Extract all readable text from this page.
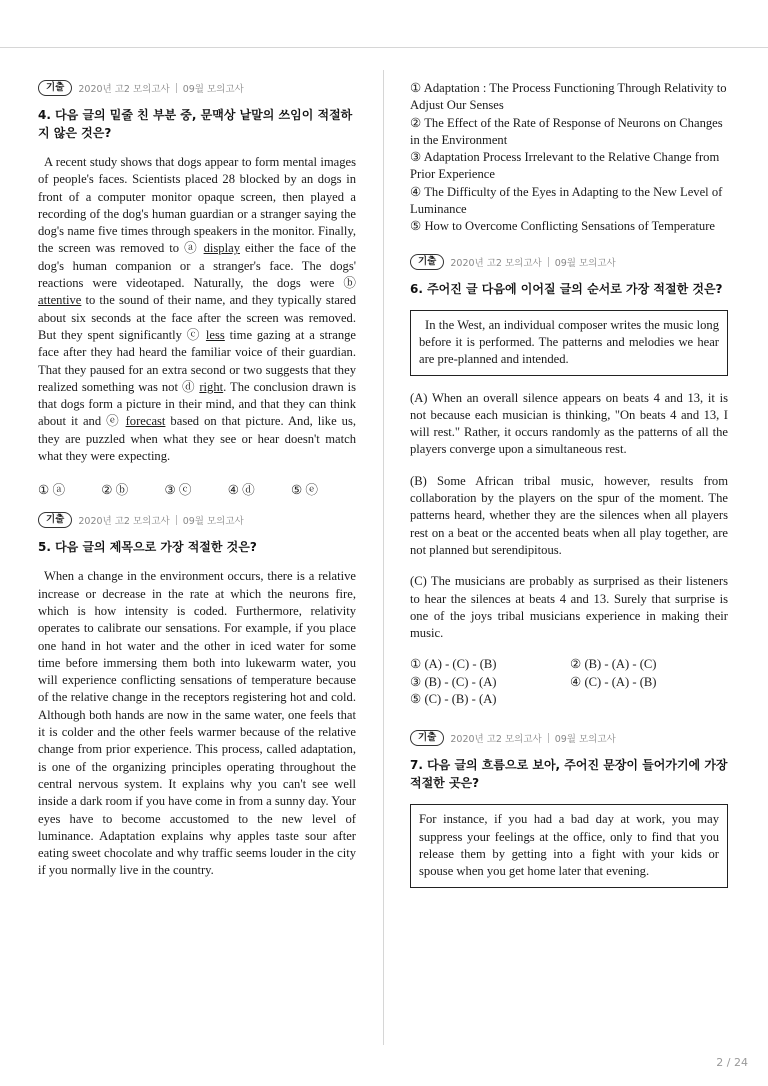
기출	2020년 고2 모의고사 09월 모의고사
4. 다음 글의 밑줄 친 부분 중, 문맥상 낱말의 쓰임이 적절하지 않은 것은?

A recent study shows that dogs appear to form mental images of people's faces. Scientists placed 28 blocked by an dogs in front of a computer monitor opaque screen, then played a recording of the dog's human guardian or a stranger saying the dog's name five times through speakers in the monitor. Finally, the screen was removed to ⓐ display either the face of the dog's human companion or a stranger's face. The dogs' reactions were videotaped. Naturally, the dogs were ⓑ attentive to the sound of their name, and they typically stared about six seconds at the face after the screen was removed. But they spent significantly ⓒ less time gazing at a strange face after they had heard the familiar voice of their guardian. That they paused for an extra second or two suggests that they realized something was not ⓓ right. The conclusion drawn is that dogs form a picture in their mind, and that they can think about it and ⓔ forecast based on that picture. And, like us, they are puzzled when what they see or hear doesn't match what they were expecting.

① ⓐ	② ⓑ	③ ⓒ	④ ⓓ	⑤ ⓔ
기출	2020년 고2 모의고사 09월 모의고사
5. 다음 글의 제목으로 가장 적절한 것은?

When a change in the environment occurs, there is a relative increase or decrease in the rate at which the neurons fire, which is how intensity is coded. Furthermore, relativity operates to calibrate our sensations. For example, if you place one hand in hot water and the other in iced water for some time before immersing them both into lukewarm water, you will experience conflicting sensations of temperature because of the relative change in the receptors registering hot and cold. Although both hands are now in the same water, one feels that it is colder and the other feels warmer because of the relative change from prior experience. This process, called adaptation, is one of the organizing principles operating throughout the central nervous system. It explains why you can't see well inside a dark room if you have come in from a sunny day. Your eyes have to become accustomed to the new level of luminance. Adaptation explains why apples taste sour after eating sweet chocolate and why traffic seems louder in the city if you normally live in the country.

① Adaptation : The Process Functioning Through Relativity to Adjust Our Senses
② The Effect of the Rate of Response of Neurons on Changes in the Environment
③ Adaptation Process Irrelevant to the Relative Change from Prior Experience
④ The Difficulty of the Eyes in Adapting to the New Level of Luminance
⑤ How to Overcome Conflicting Sensations of Temperature
기출	2020년 고2 모의고사 09월 모의고사
6. 주어진 글 다음에 이어질 글의 순서로 가장 적절한 것은?
In the West, an individual composer writes the music long before it is performed. The patterns and melodies we hear are pre-planned and intended.

(A) When an overall silence appears on beats 4 and 13, it is not because each musician is thinking, "On beats 4 and 13, I will rest." Rather, it occurs randomly as the patterns of all the players converge upon a simultaneous rest.

(B) Some African tribal music, however, results from collaboration by the players on the spur of the moment. The patterns heard, whether they are the silences when all players rest on a beat or the accented beats when all play together, are not planned but serendipitous.

(C) The musicians are probably as surprised as their listeners to hear the silences at beats 4 and 13. Surely that surprise is one of the joys tribal musicians experience in making their music.

① (A) - (C) - (B)	② (B) - (A) - (C)
③ (B) - (C) - (A)	④ (C) - (A) - (B)
⑤ (C) - (B) - (A)
기출	2020년 고2 모의고사 09월 모의고사
7. 다음 글의 흐름으로 보아, 주어진 문장이 들어가기에 가장 적절한 곳은?
For instance, if you had a bad day at work, you may suppress your feelings at the office, only to find that you release them by getting into a fight with your kids or spouse when you get home later that evening.
2 / 24
